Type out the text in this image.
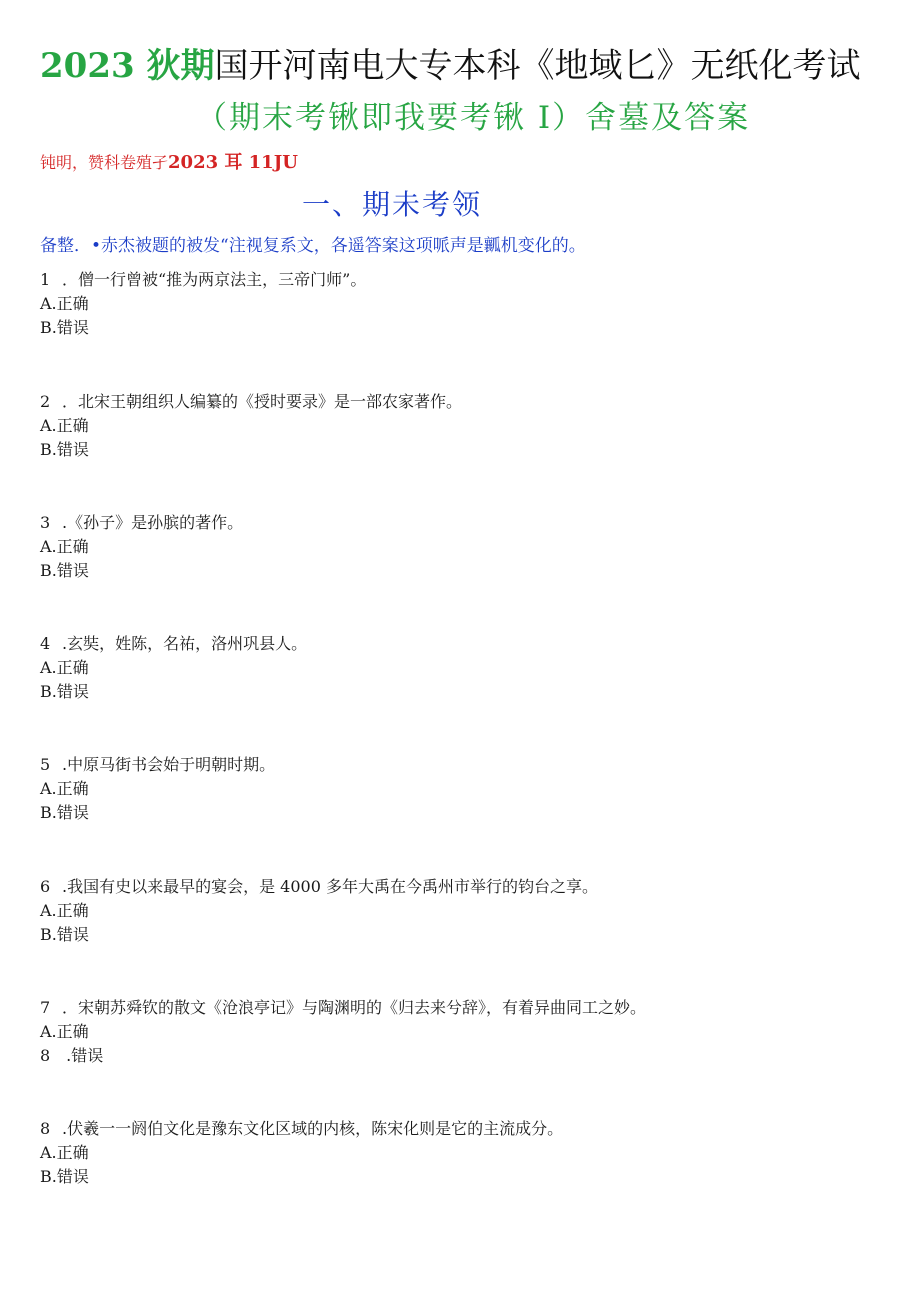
2023 狄期国开河南电大专本科《地域匕》无纸化考试
（期末考锹即我要考锹 I）舍墓及答案
钝明，赞科卷殖孑2023 耳 11JU
一、期未考领
备整．•赤杰被题的被发“注视复系文，各遥答案这项哌声是瓤机变化的。
1 ．僧一行曾被“推为两京法主，三帝门师”。
A.正确
B.错误
2 ．北宋王朝组织人编纂的《授时要录》是一部农家著作。
A.正确
B.错误
3 .《孙子》是孙膑的著作。
A.正确
B.错误
4 .玄奘，姓陈，名祐，洛州巩县人。
A.正确
B.错误
5 .中原马街书会始于明朝时期。
A.正确
B.错误
6 .我国有史以来最早的宴会，是 4000 多年大禹在今禹州市举行的钧台之享。
A.正确
B.错误
7 ．宋朝苏舜钦的散文《沧浪亭记》与陶渊明的《归去来兮辞》，有着异曲同工之妙。
A.正确
8　.错误
8 .伏羲一一阏伯文化是豫东文化区域的内核，陈宋化则是它的主流成分。
A.正确
B.错误
